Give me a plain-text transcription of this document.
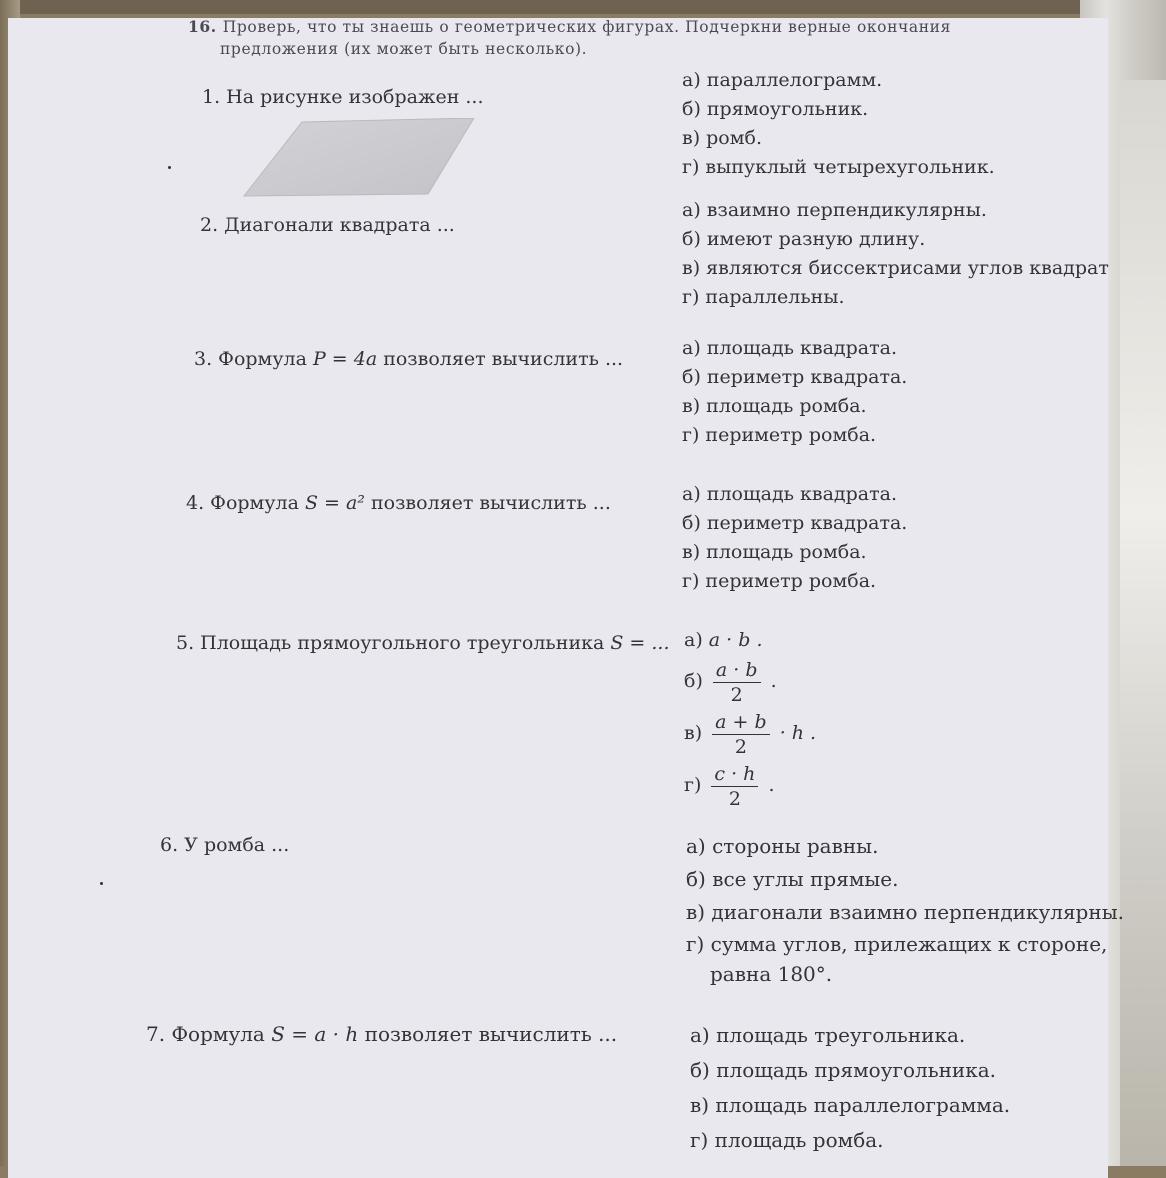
16. Проверь, что ты знаешь о геометрических фигурах. Подчеркни верные окончания
предложения (их может быть несколько).
1. На рисунке изображен ...
а) параллелограмм.
б) прямоугольник.
в) ромб.
г) выпуклый четырехугольник.
2. Диагонали квадрата ...
а) взаимно перпендикулярны.
б) имеют разную длину.
в) являются биссектрисами углов квадрат
г) параллельны.
3. Формула P = 4a позволяет вычислить ...	а) площадь квадрата.
б) периметр квадрата.
в) площадь ромба.
г) периметр ромба.
4. Формула S = a² позволяет вычислить ...	а) площадь квадрата.
б) периметр квадрата.
в) площадь ромба.
г) периметр ромба.
5. Площадь прямоугольного треугольника S = ... а) a · b .
$б) \frac{a \cdot b}{2}$ .
$в) \frac{a + b}{2} \cdot h$ .
$г) \frac{c \cdot h}{2}$ .
6. У ромба ...	а) стороны равны.
б) все углы прямые.
в) диагонали взаимно перпендикулярны.
г) сумма углов, прилежащих к стороне,
равна 180°.
7. Формула S = a · h позволяет вычислить ...	а) площадь треугольника.
б) площадь прямоугольника.
в) площадь параллелограмма.
г) площадь ромба.
